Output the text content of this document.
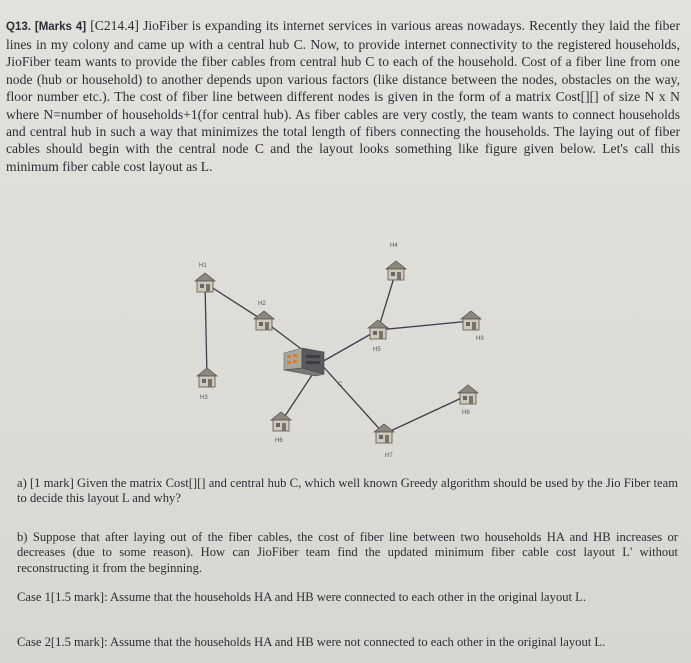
Q13. [Marks 4] [C214.4] JioFiber is expanding its internet services in various areas nowadays. Recently they laid the fiber lines in my colony and came up with a central hub C. Now, to provide internet connectivity to the registered households, JioFiber team wants to provide the fiber cables from central hub C to each of the household. Cost of a fiber line from one node (hub or household) to another depends upon various factors (like distance between the nodes, obstacles on the way, floor number etc.). The cost of fiber line between different nodes is given in the form of a matrix Cost[][] of size N x N where N=number of households+1(for central hub). As fiber cables are very costly, the team wants to connect households and central hub in such a way that minimizes the total length of fibers connecting the households. The laying out of fiber cables should begin with the central node C and the layout looks something like figure given below. Let's call this minimum fiber cable cost layout as L.

C
H1
H2
H3
H4
H5
H6
H7
H8
H9

a) [1 mark] Given the matrix Cost[][] and central hub C, which well known Greedy algorithm should be used by the Jio Fiber team to decide this layout L and why?

b) Suppose that after laying out of the fiber cables, the cost of fiber line between two households HA and HB increases or decreases (due to some reason). How can JioFiber team find the updated minimum fiber cable cost layout L' without reconstructing it from the beginning.

Case 1[1.5 mark]: Assume that the households HA and HB were connected to each other in the original layout L.

Case 2[1.5 mark]: Assume that the households HA and HB were not connected to each other in the original layout L.
